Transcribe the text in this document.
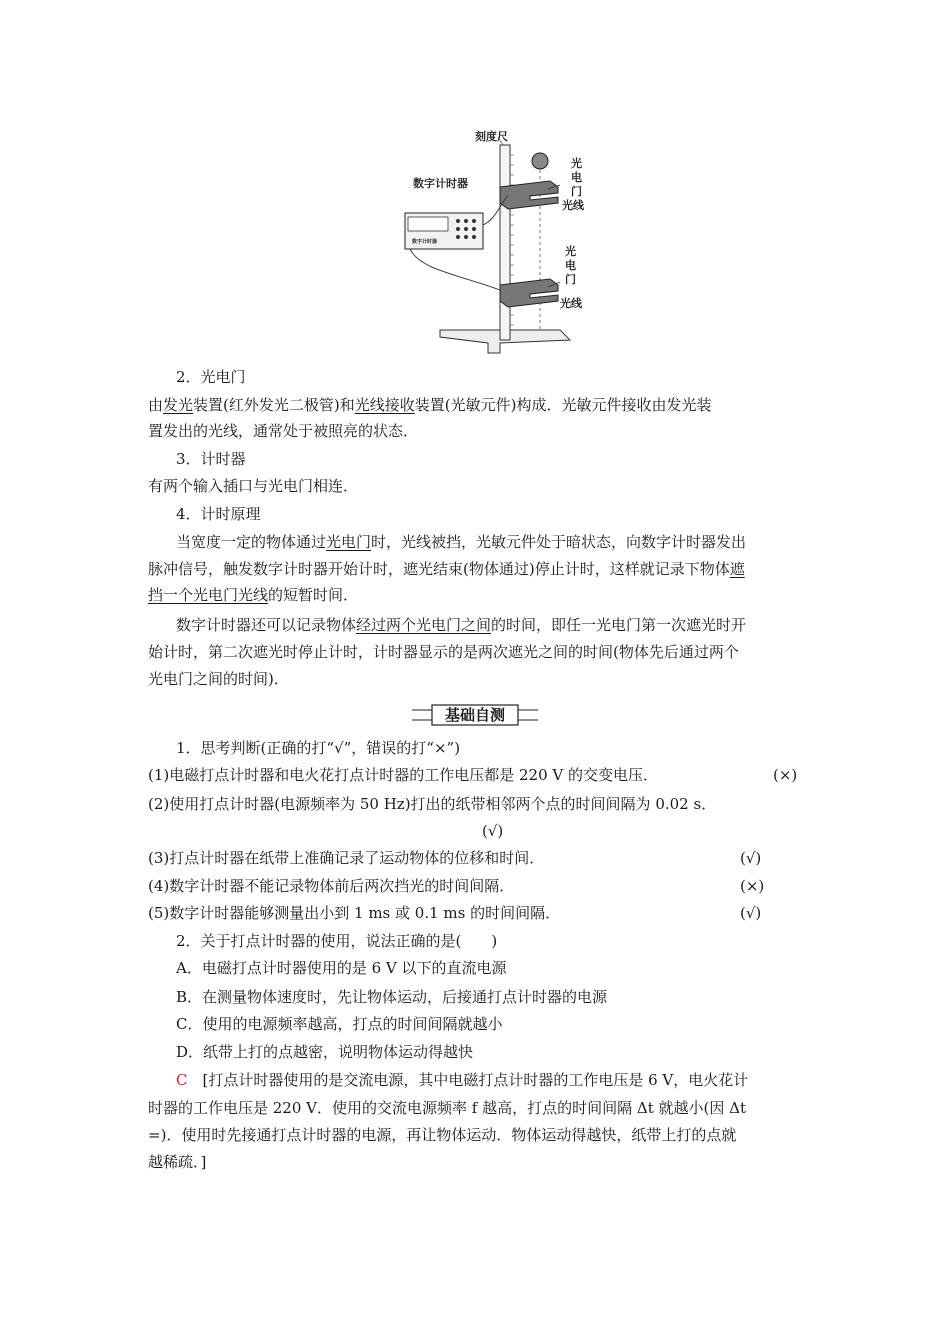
数字计时器
刻度尺
数字计时器
光
电
门
光线
光
电
门
光线
2．光电门
由发光装置(红外发光二极管)和光线接收装置(光敏元件)构成．光敏元件接收由发光装
置发出的光线，通常处于被照亮的状态．
3．计时器
有两个输入插口与光电门相连．
4．计时原理
当宽度一定的物体通过光电门时，光线被挡，光敏元件处于暗状态，向数字计时器发出
脉冲信号，触发数字计时器开始计时，遮光结束(物体通过)停止计时，这样就记录下物体遮
挡一个光电门光线的短暂时间．
数字计时器还可以记录物体经过两个光电门之间的时间，即任一光电门第一次遮光时开
始计时，第二次遮光时停止计时，计时器显示的是两次遮光之间的时间(物体先后通过两个
光电门之间的时间)．
基础自测
1．思考判断(正确的打“√”，错误的打“×”)
(1)电磁打点计时器和电火花打点计时器的工作电压都是 220 V 的交变电压．	(×)
(2)使用打点计时器(电源频率为 50 Hz)打出的纸带相邻两个点的时间间隔为 0.02 s．
(√)
(3)打点计时器在纸带上准确记录了运动物体的位移和时间．	(√)
(4)数字计时器不能记录物体前后两次挡光的时间间隔．	(×)
(5)数字计时器能够测量出小到 1 ms 或 0.1 ms 的时间间隔．	(√)
2．关于打点计时器的使用，说法正确的是(　　)
A．电磁打点计时器使用的是 6 V 以下的直流电源
B．在测量物体速度时，先让物体运动，后接通打点计时器的电源
C．使用的电源频率越高，打点的时间间隔就越小
D．纸带上打的点越密，说明物体运动得越快
C　 [打点计时器使用的是交流电源，其中电磁打点计时器的工作电压是 6 V，电火花计
时器的工作电压是 220 V．使用的交流电源频率 f 越高，打点的时间间隔 Δt 就越小(因 Δt
=)．使用时先接通打点计时器的电源，再让物体运动．物体运动得越快，纸带上打的点就
越稀疏．]
